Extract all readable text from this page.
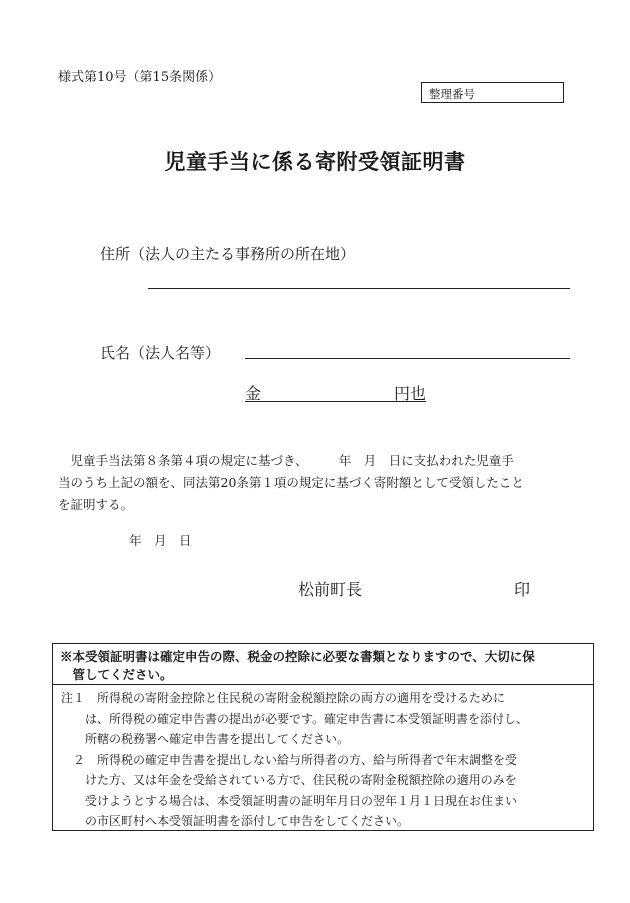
様式第10号（第15条関係）
整理番号
児童手当に係る寄附受領証明書
住所（法人の主たる事務所の所在地）
氏名（法人名等）
金	円也
　児童手当法第８条第４項の規定に基づき、　　　年　月　日に支払われた児童手
当のうち上記の額を、同法第20条第１項の規定に基づく寄附額として受領したこと
を証明する。
年　月　日
松前町長	印
※本受領証明書は確定申告の際、税金の控除に必要な書類となりますので、大切に保
　管してください。
注１　所得税の寄附金控除と住民税の寄附金税額控除の両方の適用を受けるために
　　は、所得税の確定申告書の提出が必要です。確定申告書に本受領証明書を添付し、
　　所轄の税務署へ確定申告書を提出してください。
　２　所得税の確定申告書を提出しない給与所得者の方、給与所得者で年末調整を受
　　けた方、又は年金を受給されている方で、住民税の寄附金税額控除の適用のみを
　　受けようとする場合は、本受領証明書の証明年月日の翌年１月１日現在お住まい
　　の市区町村へ本受領証明書を添付して申告をしてください。
